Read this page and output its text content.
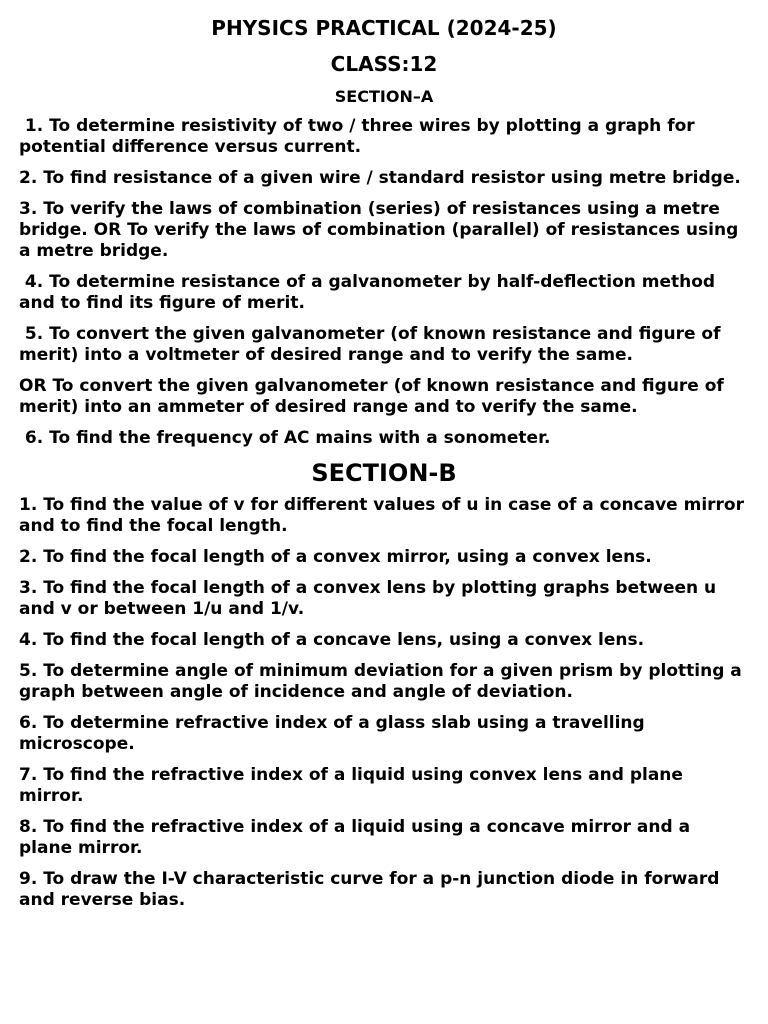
PHYSICS PRACTICAL (2024-25)
CLASS:12
SECTION–A

1. To determine resistivity of two / three wires by plotting a graph for potential difference versus current.

2. To find resistance of a given wire / standard resistor using metre bridge.

3. To verify the laws of combination (series) of resistances using a metre bridge. OR To verify the laws of combination (parallel) of resistances using a metre bridge.

4. To determine resistance of a galvanometer by half-deflection method and to find its figure of merit.

5. To convert the given galvanometer (of known resistance and figure of merit) into a voltmeter of desired range and to verify the same.

OR To convert the given galvanometer (of known resistance and figure of merit) into an ammeter of desired range and to verify the same.

6. To find the frequency of AC mains with a sonometer.

SECTION-B

1. To find the value of v for different values of u in case of a concave mirror and to find the focal length.

2. To find the focal length of a convex mirror, using a convex lens.

3. To find the focal length of a convex lens by plotting graphs between u and v or between 1/u and 1/v.

4. To find the focal length of a concave lens, using a convex lens.

5. To determine angle of minimum deviation for a given prism by plotting a graph between angle of incidence and angle of deviation.

6. To determine refractive index of a glass slab using a travelling microscope.

7. To find the refractive index of a liquid using convex lens and plane mirror.

8. To find the refractive index of a liquid using a concave mirror and a plane mirror.

9. To draw the I-V characteristic curve for a p-n junction diode in forward and reverse bias.
